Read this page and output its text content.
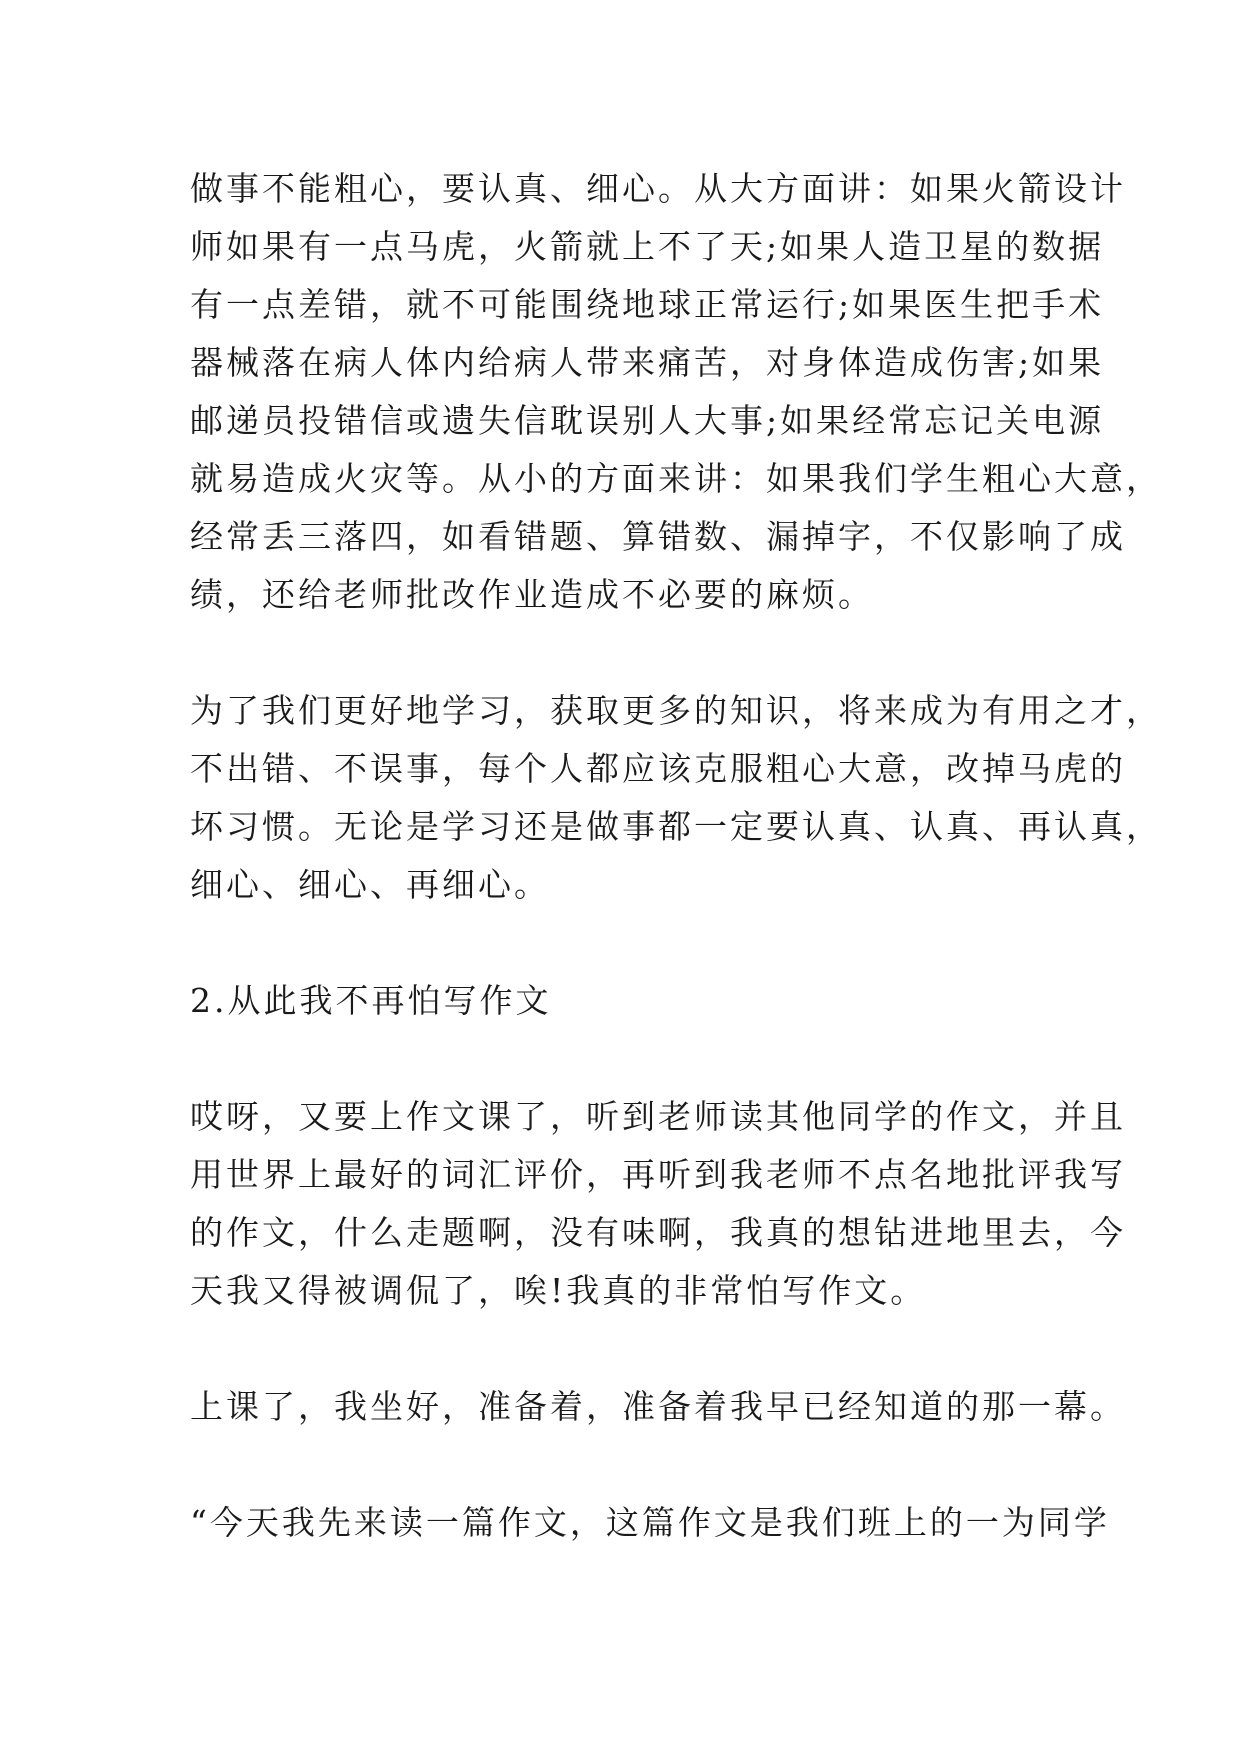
做事不能粗心，要认真、细心。从大方面讲：如果火箭设计
师如果有一点马虎，火箭就上不了天;如果人造卫星的数据
有一点差错，就不可能围绕地球正常运行;如果医生把手术
器械落在病人体内给病人带来痛苦，对身体造成伤害;如果
邮递员投错信或遗失信耽误别人大事;如果经常忘记关电源
就易造成火灾等。从小的方面来讲：如果我们学生粗心大意，
经常丢三落四，如看错题、算错数、漏掉字，不仅影响了成
绩，还给老师批改作业造成不必要的麻烦。
为了我们更好地学习，获取更多的知识，将来成为有用之才，
不出错、不误事，每个人都应该克服粗心大意，改掉马虎的
坏习惯。无论是学习还是做事都一定要认真、认真、再认真，
细心、细心、再细心。
2.从此我不再怕写作文
哎呀，又要上作文课了，听到老师读其他同学的作文，并且
用世界上最好的词汇评价，再听到我老师不点名地批评我写
的作文，什么走题啊，没有味啊，我真的想钻进地里去，今
天我又得被调侃了，唉!我真的非常怕写作文。
上课了，我坐好，准备着，准备着我早已经知道的那一幕。
“今天我先来读一篇作文，这篇作文是我们班上的一为同学
